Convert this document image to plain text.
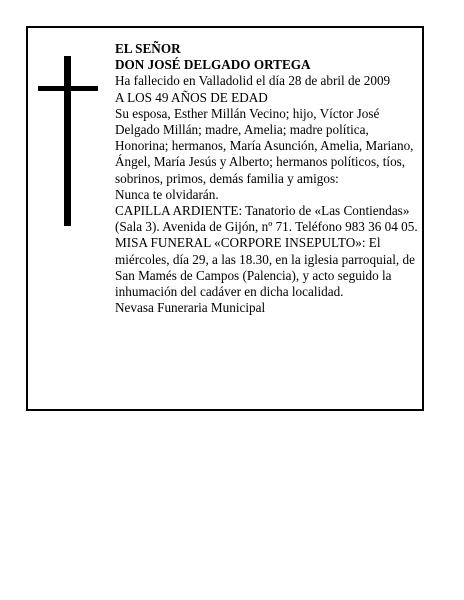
EL SEÑOR

DON JOSÉ DELGADO ORTEGA

Ha fallecido en Valladolid el día 28 de abril de 2009

A LOS 49 AÑOS DE EDAD

Su esposa, Esther Millán Vecino; hijo, Víctor José Delgado Millán; madre, Amelia; madre política, Honorina; hermanos, María Asunción, Amelia, Mariano, Ángel, María Jesús y Alberto; hermanos políticos, tíos, sobrinos, primos, demás familia y amigos:

Nunca te olvidarán.

CAPILLA ARDIENTE: Tanatorio de «Las Contiendas» (Sala 3). Avenida de Gijón, nº 71. Teléfono 983 36 04 05.

MISA FUNERAL «CORPORE INSEPULTO»: El miércoles, día 29, a las 18.30, en la iglesia parroquial, de San Mamés de Campos (Palencia), y acto seguido la inhumación del cadáver en dicha localidad.

Nevasa Funeraria Municipal
